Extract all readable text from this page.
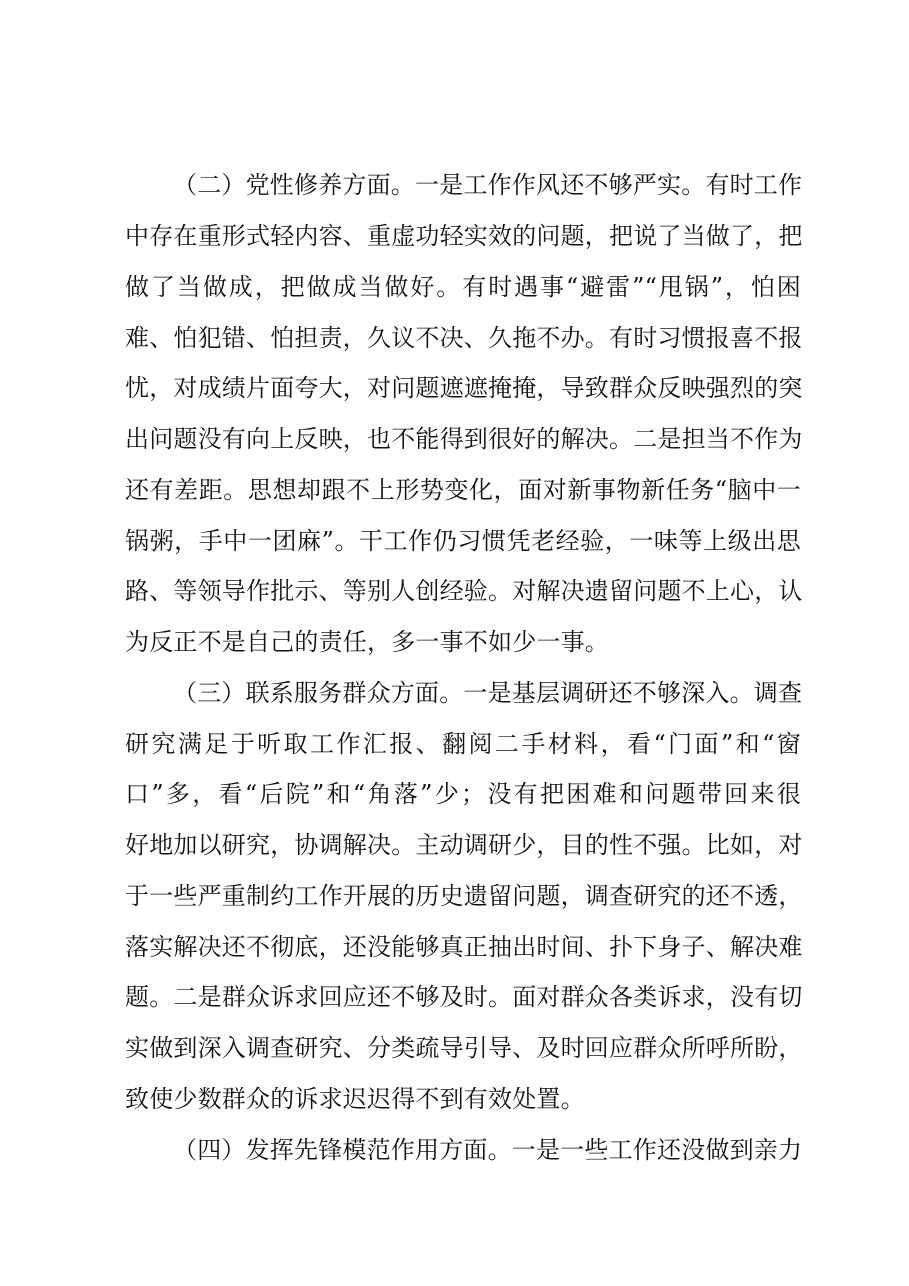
（二）党性修养方面。一是工作作风还不够严实。有时工作
中存在重形式轻内容、重虚功轻实效的问题，把说了当做了，把
做了当做成，把做成当做好。有时遇事“避雷”“甩锅”，怕困
难、怕犯错、怕担责，久议不决、久拖不办。有时习惯报喜不报
忧，对成绩片面夸大，对问题遮遮掩掩，导致群众反映强烈的突
出问题没有向上反映，也不能得到很好的解决。二是担当不作为
还有差距。思想却跟不上形势变化，面对新事物新任务“脑中一
锅粥，手中一团麻”。干工作仍习惯凭老经验，一味等上级出思
路、等领导作批示、等别人创经验。对解决遗留问题不上心，认
为反正不是自己的责任，多一事不如少一事。
（三）联系服务群众方面。一是基层调研还不够深入。调查
研究满足于听取工作汇报、翻阅二手材料，看“门面”和“窗
口”多，看“后院”和“角落”少；没有把困难和问题带回来很
好地加以研究，协调解决。主动调研少，目的性不强。比如，对
于一些严重制约工作开展的历史遗留问题，调查研究的还不透，
落实解决还不彻底，还没能够真正抽出时间、扑下身子、解决难
题。二是群众诉求回应还不够及时。面对群众各类诉求，没有切
实做到深入调查研究、分类疏导引导、及时回应群众所呼所盼，
致使少数群众的诉求迟迟得不到有效处置。
（四）发挥先锋模范作用方面。一是一些工作还没做到亲力
